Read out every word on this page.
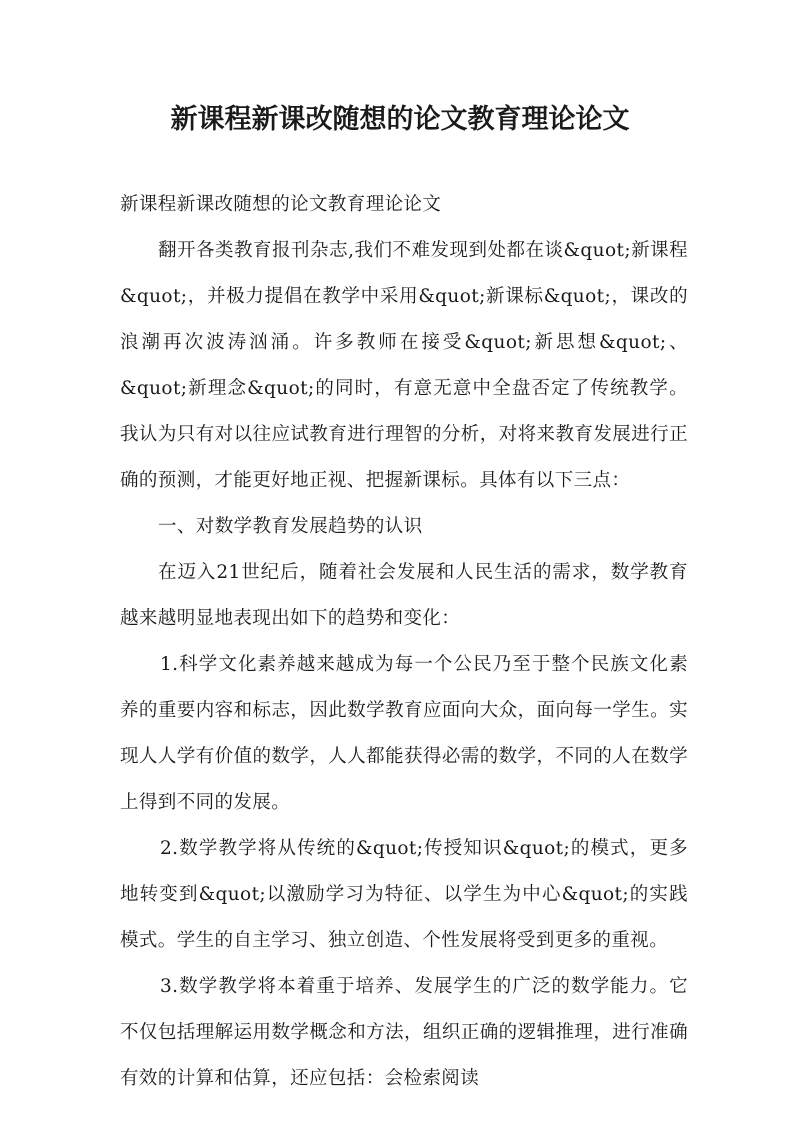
新课程新课改随想的论文教育理论论文

新课程新课改随想的论文教育理论论文

翻开各类教育报刊杂志,我们不难发现到处都在谈&quot;新课程&quot;，并极力提倡在教学中采用&quot;新课标&quot;，课改的浪潮再次波涛汹涌。许多教师在接受&quot;新思想&quot;、&quot;新理念&quot;的同时，有意无意中全盘否定了传统教学。我认为只有对以往应试教育进行理智的分析，对将来教育发展进行正确的预测，才能更好地正视、把握新课标。具体有以下三点：

一、对数学教育发展趋势的认识

在迈入21世纪后，随着社会发展和人民生活的需求，数学教育越来越明显地表现出如下的趋势和变化：

1.科学文化素养越来越成为每一个公民乃至于整个民族文化素养的重要内容和标志，因此数学教育应面向大众，面向每一学生。实现人人学有价值的数学，人人都能获得必需的数学，不同的人在数学上得到不同的发展。

2.数学教学将从传统的&quot;传授知识&quot;的模式，更多地转变到&quot;以激励学习为特征、以学生为中心&quot;的实践模式。学生的自主学习、独立创造、个性发展将受到更多的重视。

3.数学教学将本着重于培养、发展学生的广泛的数学能力。它不仅包括理解运用数学概念和方法，组织正确的逻辑推理，进行准确有效的计算和估算，还应包括：会检索阅读
